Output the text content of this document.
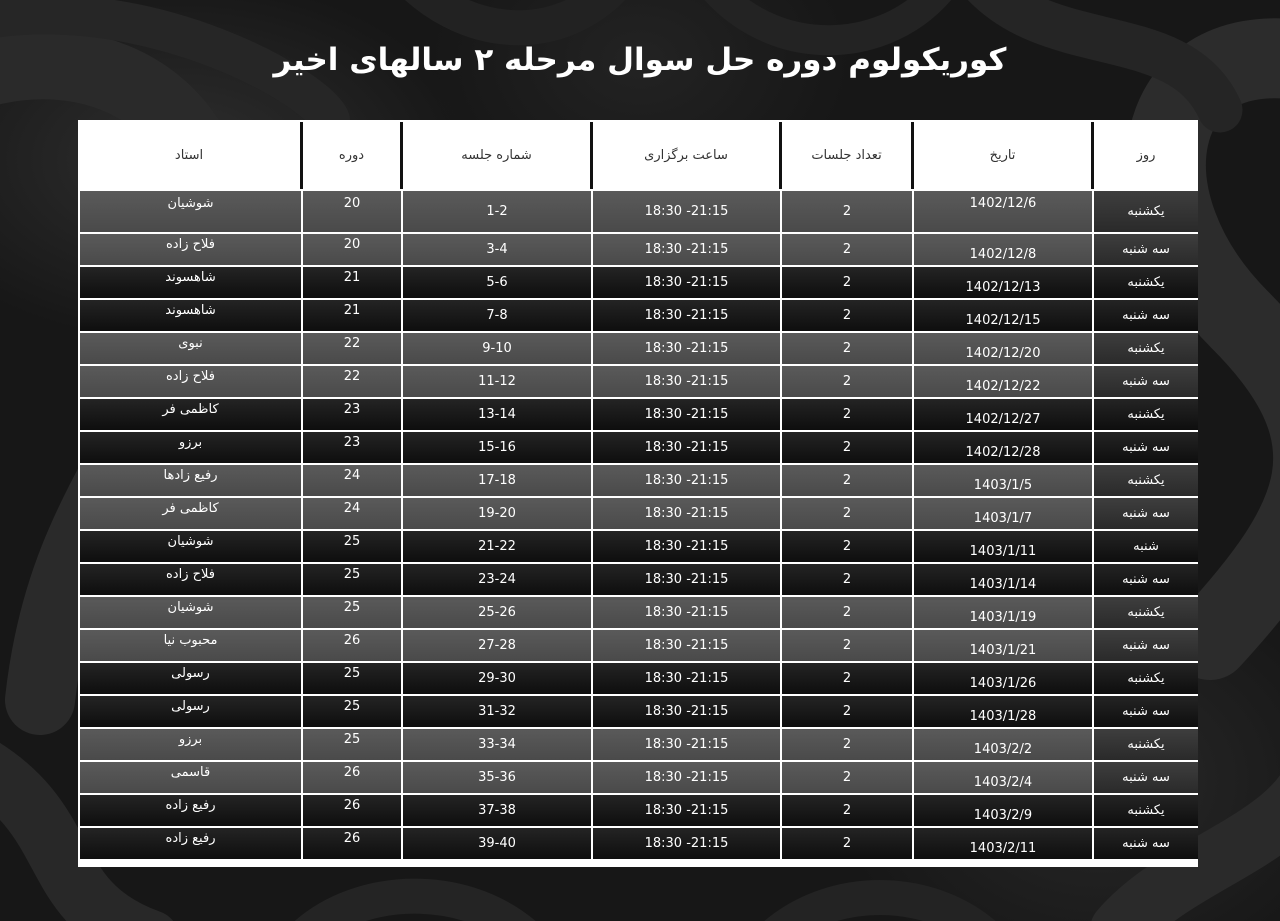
کوریکولوم دوره حل سوال مرحله ۲ سالهای اخیر
روز
تاریخ
تعداد جلسات
ساعت برگزاری
شماره جلسه
دوره
استاد
یکشنبه
1402/12/6
2
18:30 -21:15
1-2
20
شوشیان
سه شنبه
1402/12/8
2
18:30 -21:15
3-4
20
فلاح زاده
یکشنبه
1402/12/13
2
18:30 -21:15
5-6
21
شاهسوند
سه شنبه
1402/12/15
2
18:30 -21:15
7-8
21
شاهسوند
یکشنبه
1402/12/20
2
18:30 -21:15
9-10
22
نبوی
سه شنبه
1402/12/22
2
18:30 -21:15
11-12
22
فلاح زاده
یکشنبه
1402/12/27
2
18:30 -21:15
13-14
23
کاظمی فر
سه شنبه
1402/12/28
2
18:30 -21:15
15-16
23
برزو
یکشنبه
1403/1/5
2
18:30 -21:15
17-18
24
رفیع زادها
سه شنبه
1403/1/7
2
18:30 -21:15
19-20
24
کاظمی فر
شنبه
1403/1/11
2
18:30 -21:15
21-22
25
شوشیان
سه شنبه
1403/1/14
2
18:30 -21:15
23-24
25
فلاح زاده
یکشنبه
1403/1/19
2
18:30 -21:15
25-26
25
شوشیان
سه شنبه
1403/1/21
2
18:30 -21:15
27-28
26
محبوب نیا
یکشنبه
1403/1/26
2
18:30 -21:15
29-30
25
رسولی
سه شنبه
1403/1/28
2
18:30 -21:15
31-32
25
رسولی
یکشنبه
1403/2/2
2
18:30 -21:15
33-34
25
برزو
سه شنبه
1403/2/4
2
18:30 -21:15
35-36
26
قاسمی
یکشنبه
1403/2/9
2
18:30 -21:15
37-38
26
رفیع زاده
سه شنبه
1403/2/11
2
18:30 -21:15
39-40
26
رفیع زاده
